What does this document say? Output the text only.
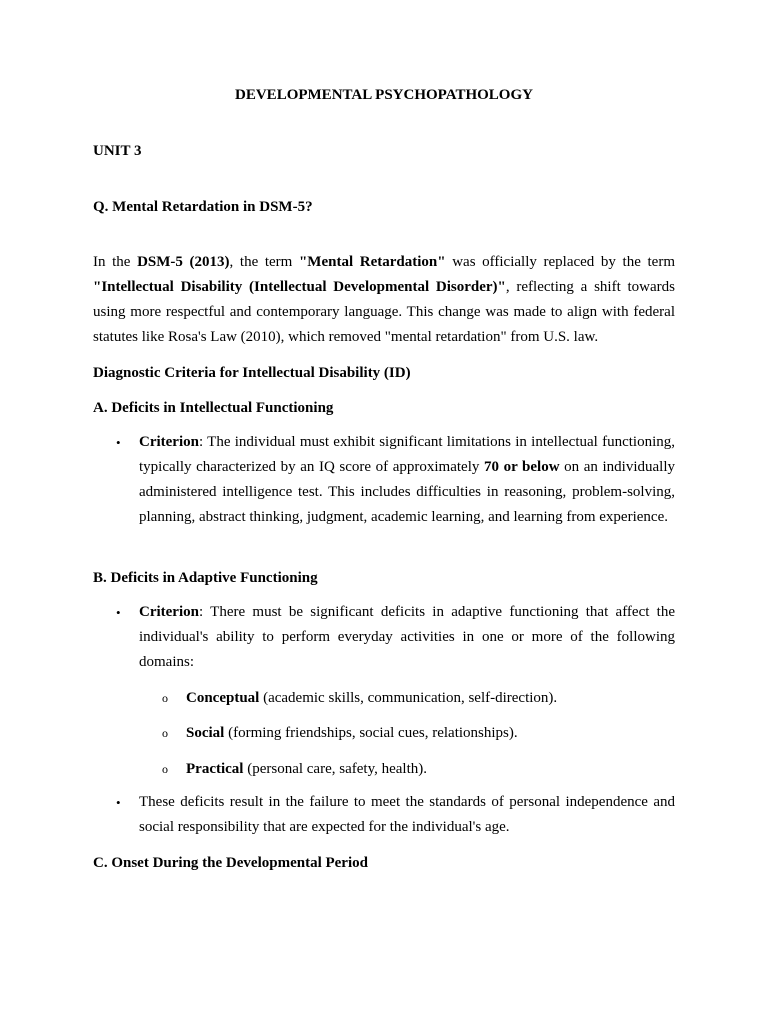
DEVELOPMENTAL PSYCHOPATHOLOGY

UNIT 3

Q. Mental Retardation in DSM-5?

In the DSM-5 (2013), the term "Mental Retardation" was officially replaced by the term "Intellectual Disability (Intellectual Developmental Disorder)", reflecting a shift towards using more respectful and contemporary language. This change was made to align with federal statutes like Rosa's Law (2010), which removed "mental retardation" from U.S. law.

Diagnostic Criteria for Intellectual Disability (ID)

A. Deficits in Intellectual Functioning

• Criterion: The individual must exhibit significant limitations in intellectual functioning, typically characterized by an IQ score of approximately 70 or below on an individually administered intelligence test. This includes difficulties in reasoning, problem-solving, planning, abstract thinking, judgment, academic learning, and learning from experience.

B. Deficits in Adaptive Functioning

• Criterion: There must be significant deficits in adaptive functioning that affect the individual's ability to perform everyday activities in one or more of the following domains:

o Conceptual (academic skills, communication, self-direction).

o Social (forming friendships, social cues, relationships).

o Practical (personal care, safety, health).

• These deficits result in the failure to meet the standards of personal independence and social responsibility that are expected for the individual's age.

C. Onset During the Developmental Period
